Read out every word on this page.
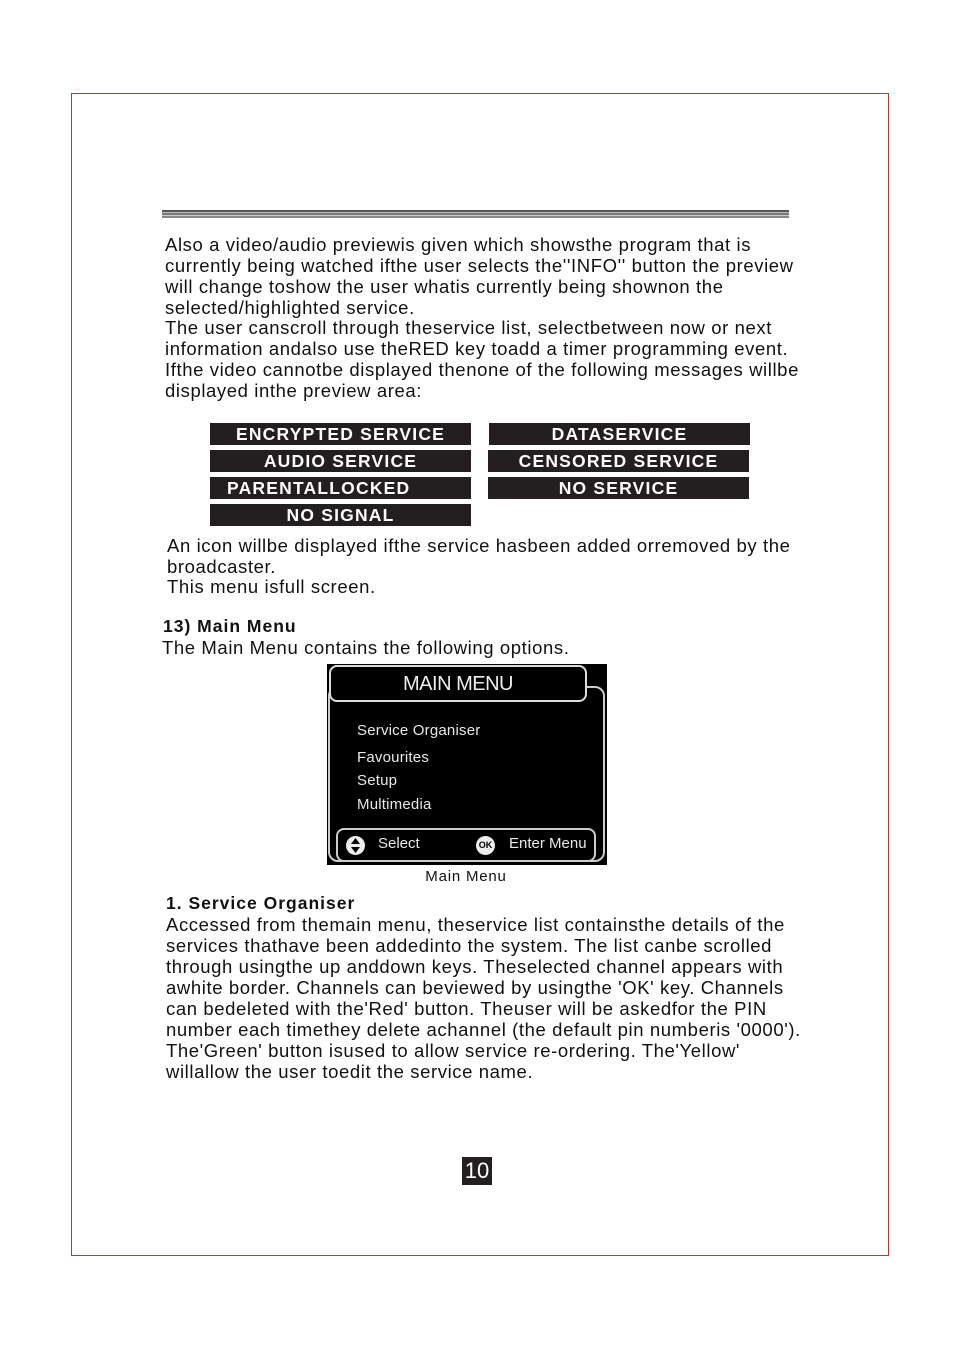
Also a video/audio previewis given which showsthe program that is currently being watched ifthe user selects the''INFO'' button the preview will change toshow the user whatis currently being shownon the selected/highlighted service.

The user canscroll through theservice list, selectbetween now or next information andalso use theRED key toadd a timer programming event. Ifthe video cannotbe displayed thenone of the following messages willbe displayed inthe preview area:

ENCRYPTED SERVICE	DATASERVICE
AUDIO SERVICE	CENSORED SERVICE
PARENTALLOCKED	NO SERVICE
NO SIGNAL

An icon willbe displayed ifthe service hasbeen added orremoved by the broadcaster.

This menu isfull screen.

13) Main Menu
The Main Menu contains the following options.
MAIN MENU
Service Organiser
Favourites
Setup
Multimedia
Select	OK Enter Menu
Main Menu
1. Service Organiser

Accessed from themain menu, theservice list containsthe details of the services thathave been addedinto the system. The list canbe scrolled through usingthe up anddown keys. Theselected channel appears with awhite border. Channels can beviewed by usingthe 'OK' key. Channels can bedeleted with the'Red' button. Theuser will be askedfor the PIN number each timethey delete achannel (the default pin numberis '0000'). The'Green' button isused to allow service re-ordering. The'Yellow' willallow the user toedit the service name.

10
